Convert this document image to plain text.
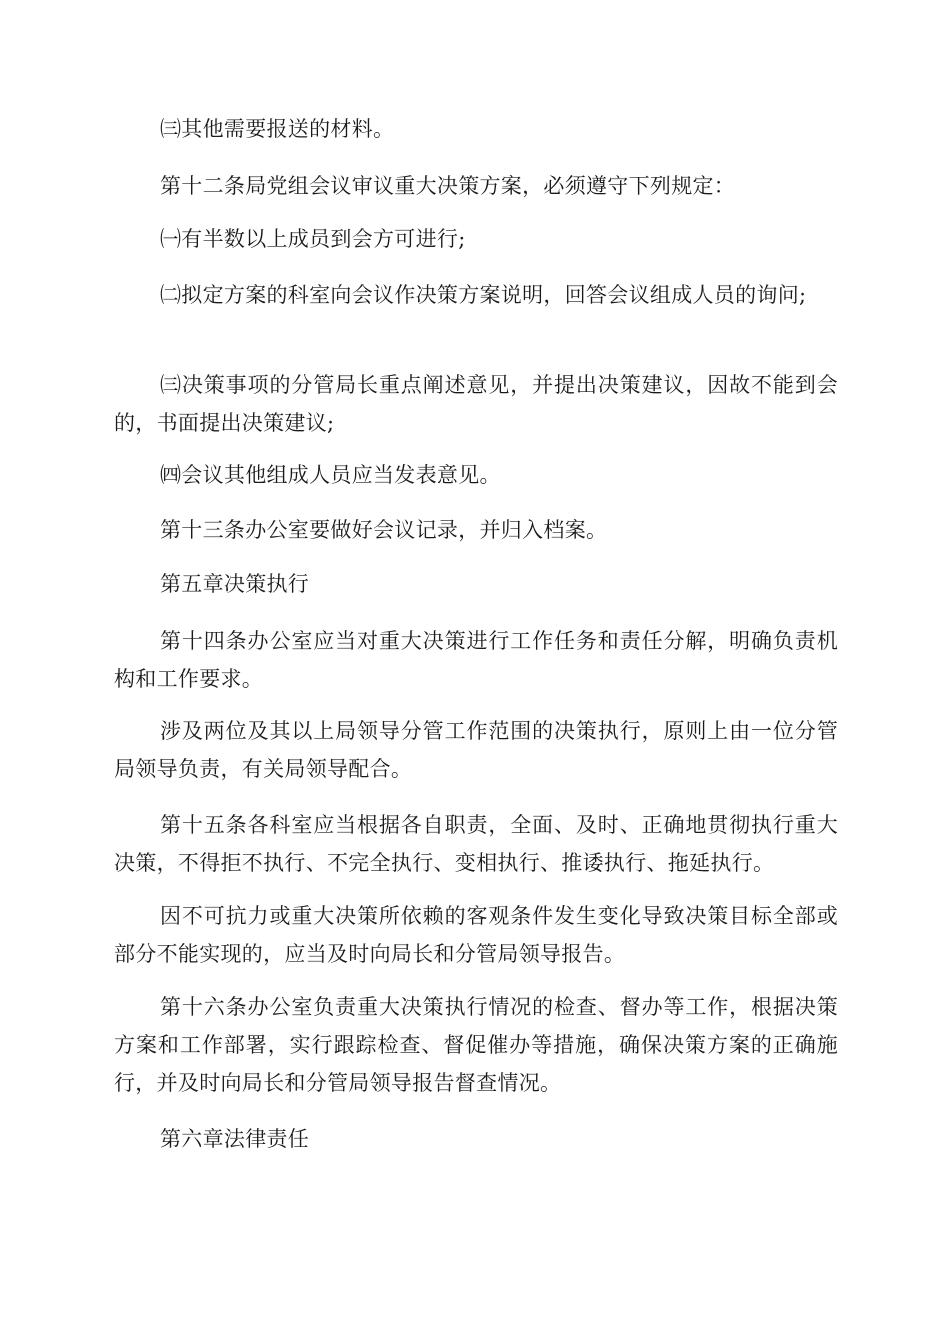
㈢其他需要报送的材料。

第十二条局党组会议审议重大决策方案，必须遵守下列规定：

㈠有半数以上成员到会方可进行;

㈡拟定方案的科室向会议作决策方案说明，回答会议组成人员的询问;

㈢决策事项的分管局长重点阐述意见，并提出决策建议，因故不能到会的，书面提出决策建议;

㈣会议其他组成人员应当发表意见。

第十三条办公室要做好会议记录，并归入档案。

第五章决策执行

第十四条办公室应当对重大决策进行工作任务和责任分解，明确负责机构和工作要求。

涉及两位及其以上局领导分管工作范围的决策执行，原则上由一位分管局领导负责，有关局领导配合。

第十五条各科室应当根据各自职责，全面、及时、正确地贯彻执行重大决策，不得拒不执行、不完全执行、变相执行、推诿执行、拖延执行。

因不可抗力或重大决策所依赖的客观条件发生变化导致决策目标全部或部分不能实现的，应当及时向局长和分管局领导报告。

第十六条办公室负责重大决策执行情况的检查、督办等工作，根据决策方案和工作部署，实行跟踪检查、督促催办等措施，确保决策方案的正确施行，并及时向局长和分管局领导报告督查情况。

第六章法律责任
